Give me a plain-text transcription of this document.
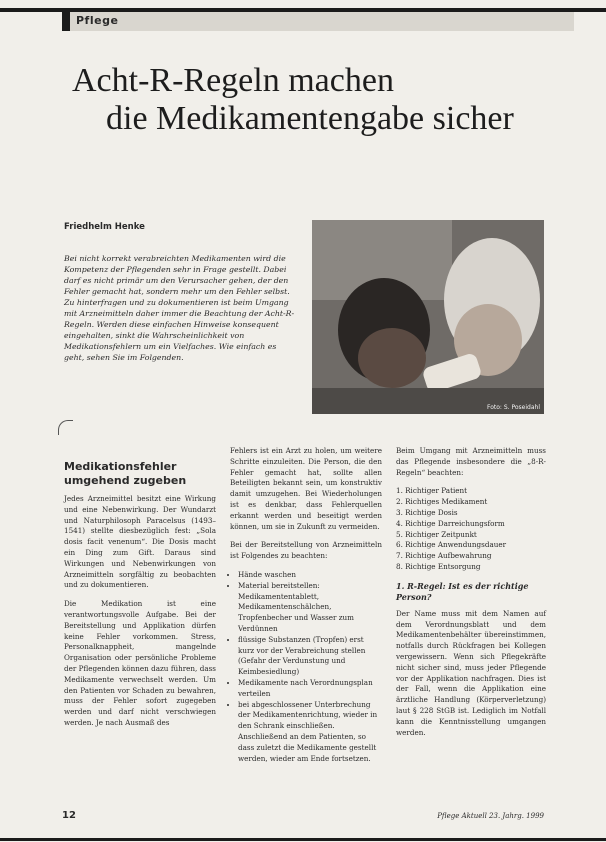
Pflege
Acht-R-Regeln machen
die Medikamentengabe sicher
Friedhelm Henke
Bei nicht korrekt verabreichten Medikamenten wird die Kompetenz der Pflegenden sehr in Frage gestellt. Dabei darf es nicht primär um den Verursacher gehen, der den Fehler gemacht hat, sondern mehr um den Fehler selbst. Zu hinterfragen und zu dokumentieren ist beim Umgang mit Arzneimitteln daher immer die Beachtung der Acht-R-Regeln. Werden diese einfachen Hinweise konsequent eingehalten, sinkt die Wahrscheinlichkeit von Medikationsfehlern um ein Vielfaches. Wie einfach es geht, sehen Sie im Folgenden.
Foto: S. Poseidahl
Medikationsfehler umgehend zugeben

Jedes Arzneimittel besitzt eine Wirkung und eine Nebenwirkung. Der Wundarzt und Naturphilosoph Paracelsus (1493–1541) stellte diesbezüglich fest: „Sola dosis facit venenum“. Die Dosis macht ein Ding zum Gift. Daraus sind Wirkungen und Nebenwirkungen von Arzneimitteln sorgfältig zu beobachten und zu dokumentieren.

Die Medikation ist eine verantwortungsvolle Aufgabe. Bei der Bereitstellung und Applikation dürfen keine Fehler vorkommen. Stress, Personalknappheit, mangelnde Organisation oder persönliche Probleme der Pflegenden können dazu führen, dass Medikamente verwechselt werden. Um den Patienten vor Schaden zu bewahren, muss der Fehler sofort zugegeben werden und darf nicht verschwiegen werden. Je nach Ausmaß des

Fehlers ist ein Arzt zu holen, um weitere Schritte einzuleiten. Die Person, die den Fehler gemacht hat, sollte allen Beteiligten bekannt sein, um konstruktiv damit umzugehen. Bei Wiederholungen ist es denkbar, dass Fehlerquellen erkannt werden und beseitigt werden können, um sie in Zukunft zu vermeiden.

Bei der Bereitstellung von Arzneimitteln ist Folgendes zu beachten:

• Hände waschen
• Material bereitstellen: Medikamententablett, Medikamentenschälchen, Tropfenbecher und Wasser zum Verdünnen
• flüssige Substanzen (Tropfen) erst kurz vor der Verabreichung stellen (Gefahr der Verdunstung und Keimbesiedlung)
• Medikamente nach Verordnungsplan verteilen
• bei abgeschlossener Unterbrechung der Medikamentenrichtung, wieder in den Schrank einschließen. Anschließend an dem Patienten, so dass zuletzt die Medikamente gestellt werden, wieder am Ende fortsetzen.

Beim Umgang mit Arzneimitteln muss das Pflegende insbesondere die „8-R-Regeln“ beachten:

1. Richtiger Patient
2. Richtiges Medikament
3. Richtige Dosis
4. Richtige Darreichungsform
5. Richtiger Zeitpunkt
6. Richtige Anwendungsdauer
7. Richtige Aufbewahrung
8. Richtige Entsorgung
1. R-Regel: Ist es der richtige Person?

Der Name muss mit dem Namen auf dem Verordnungsblatt und dem Medikamentenbehälter übereinstimmen, notfalls durch Rückfragen bei Kollegen vergewissern. Wenn sich Pflegekräfte nicht sicher sind, muss jeder Pflegende vor der Applikation nachfragen. Dies ist der Fall, wenn die Applikation eine ärztliche Handlung (Körperverletzung) laut § 228 StGB ist. Lediglich im Notfall kann die Kenntnisstellung umgangen werden.

12	Pflege Aktuell 23. Jahrg. 1999
